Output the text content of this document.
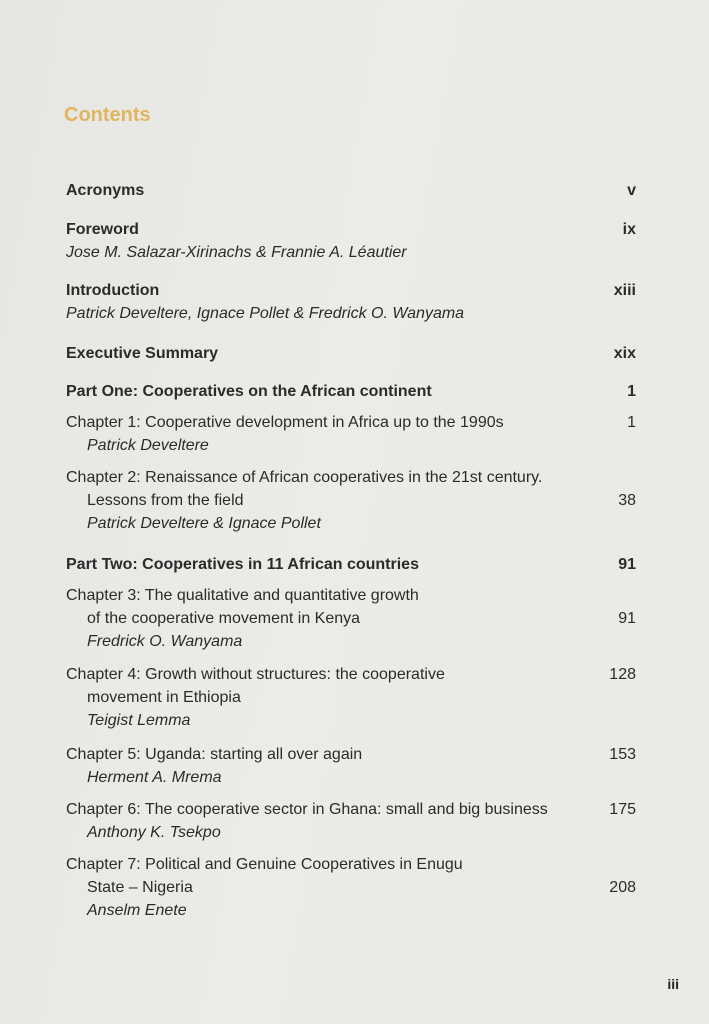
Contents
Acronyms	v
Foreword	ix
Jose M. Salazar-Xirinachs & Frannie A. Léautier
Introduction	xiii
Patrick Develtere, Ignace Pollet & Fredrick O. Wanyama
Executive Summary	xix
Part One: Cooperatives on the African continent	1
Chapter 1: Cooperative development in Africa up to the 1990s	1
Patrick Develtere
Chapter 2: Renaissance of African cooperatives in the 21st century.
Lessons from the field	38
Patrick Develtere & Ignace Pollet
Part Two: Cooperatives in 11 African countries	91
Chapter 3: The qualitative and quantitative growth
of the cooperative movement in Kenya	91
Fredrick O. Wanyama
Chapter 4: Growth without structures: the cooperative	128
movement in Ethiopia
Teigist Lemma
Chapter 5: Uganda: starting all over again	153
Herment A. Mrema
Chapter 6: The cooperative sector in Ghana: small and big business	175
Anthony K. Tsekpo
Chapter 7: Political and Genuine Cooperatives in Enugu
State – Nigeria	208
Anselm Enete
iii
